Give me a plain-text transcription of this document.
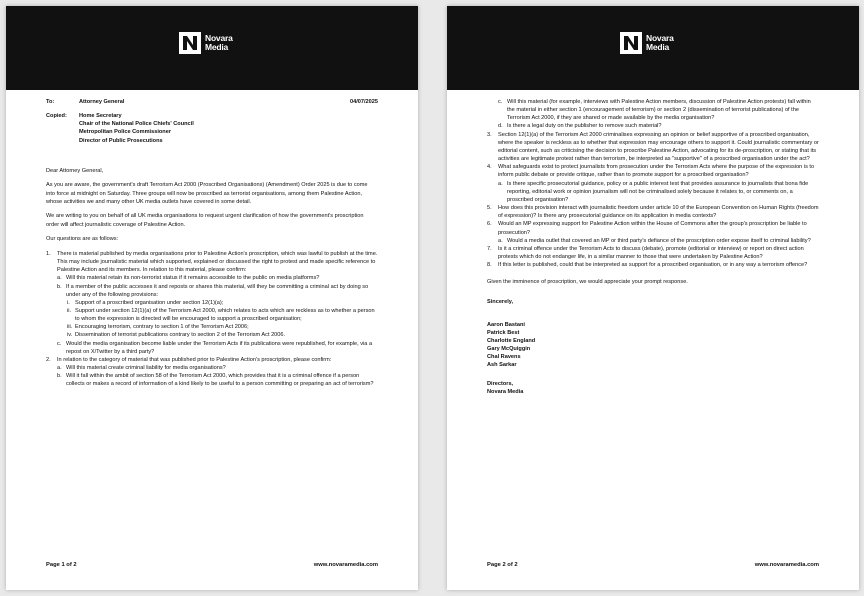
Novara
Media
To:	Attorney General	04/07/2025
Copied:	Home Secretary
Chair of the National Police Chiefs' Council
Metropolitan Police Commissioner
Director of Public Prosecutions

Dear Attorney General,

As you are aware, the government's draft Terrorism Act 2000 (Proscribed Organisations) (Amendment) Order 2025 is due to come into force at midnight on Saturday. Three groups will now be proscribed as terrorist organisations, among them Palestine Action, whose activities we and many other UK media outlets have covered in some detail.

We are writing to you on behalf of all UK media organisations to request urgent clarification of how the government's proscription order will affect journalistic coverage of Palestine Action.

Our questions are as follows:

1. There is material published by media organisations prior to Palestine Action's proscription, which was lawful to publish at the time. This may include journalistic material which supported, explained or discussed the right to protest and made specific reference to Palestine Action and its members. In relation to this material, please confirm:
a. Will this material retain its non-terrorist status if it remains accessible to the public on media platforms?
b. If a member of the public accesses it and reposts or shares this material, will they be committing a criminal act by doing so under any of the following provisions:
i. Support of a proscribed organisation under section 12(1)(a);
ii. Support under section 12(1)(a) of the Terrorism Act 2000, which relates to acts which are reckless as to whether a person to whom the expression is directed will be encouraged to support a proscribed organisation;
iii. Encouraging terrorism, contrary to section 1 of the Terrorism Act 2006;
iv. Dissemination of terrorist publications contrary to section 2 of the Terrorism Act 2006.
c. Would the media organisation become liable under the Terrorism Acts if its publications were republished, for example, via a repost on X/Twitter by a third party?
2. In relation to the category of material that was published prior to Palestine Action's proscription, please confirm:
a. Will this material create criminal liability for media organisations?
b. Will it fall within the ambit of section 58 of the Terrorism Act 2000, which provides that it is a criminal offence if a person collects or makes a record of information of a kind likely to be useful to a person committing or preparing an act of terrorism?
Page 1 of 2	www.novaramedia.com
Novara
Media
c. Will this material (for example, interviews with Palestine Action members, discussion of Palestine Action protests) fall within the material in either section 1 (encouragement of terrorism) or section 2 (dissemination of terrorist publications) of the Terrorism Act 2000, if they are shared or made available by the media organisation?
d. Is there a legal duty on the publisher to remove such material?
3. Section 12(1)(a) of the Terrorism Act 2000 criminalises expressing an opinion or belief supportive of a proscribed organisation, where the speaker is reckless as to whether that expression may encourage others to support it. Could journalistic commentary or editorial content, such as criticising the decision to proscribe Palestine Action, advocating for its de-proscription, or stating that its activities are legitimate protest rather than terrorism, be interpreted as "supportive" of a proscribed organisation under the act?
4. What safeguards exist to protect journalists from prosecution under the Terrorism Acts where the purpose of the expression is to inform public debate or provide critique, rather than to promote support for a proscribed organisation?
a. Is there specific prosecutorial guidance, policy or a public interest test that provides assurance to journalists that bona fide reporting, editorial work or opinion journalism will not be criminalised solely because it relates to, or comments on, a proscribed organisation?
5. How does this provision interact with journalistic freedom under article 10 of the European Convention on Human Rights (freedom of expression)? Is there any prosecutorial guidance on its application in media contexts?
6. Would an MP expressing support for Palestine Action within the House of Commons after the group's proscription be liable to prosecution?
a. Would a media outlet that covered an MP or third party's defiance of the proscription order expose itself to criminal liability?
7. Is it a criminal offence under the Terrorism Acts to discuss (debate), promote (editorial or interview) or report on direct action protests which do not endanger life, in a similar manner to those that were undertaken by Palestine Action?
8. If this letter is published, could that be interpreted as support for a proscribed organisation, or in any way a terrorism offence?

Given the imminence of proscription, we would appreciate your prompt response.

Sincerely,

Aaron Bastani
Patrick Best
Charlotte England
Gary McQuiggin
Chal Ravens
Ash Sarkar
Directors,
Novara Media
Page 2 of 2	www.novaramedia.com
